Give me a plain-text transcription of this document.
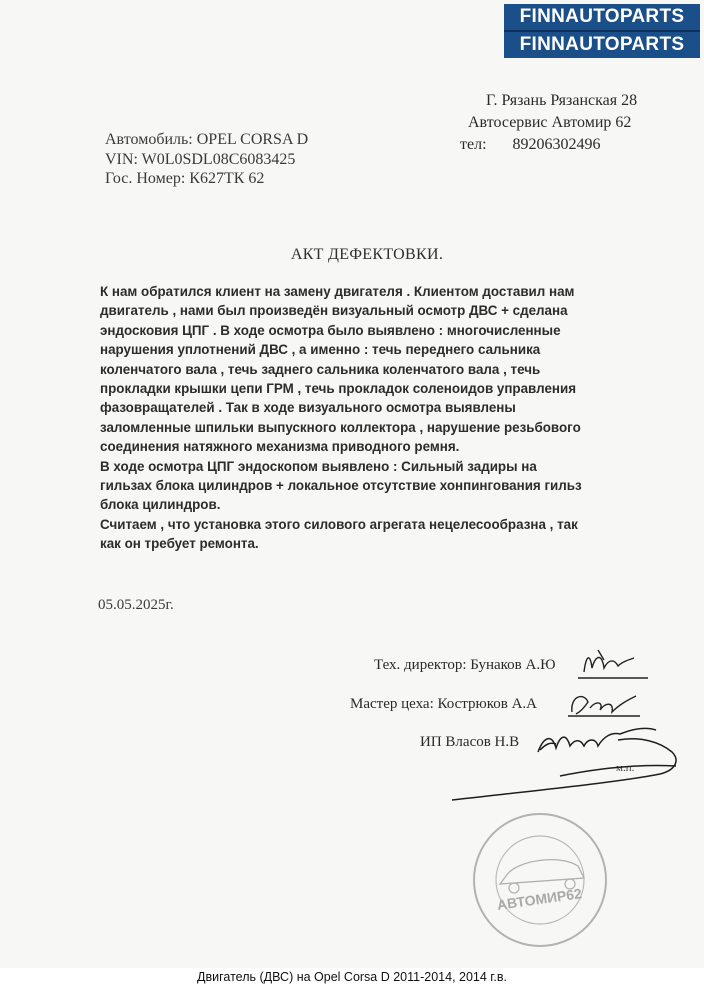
FINNAUTOPARTS
FINNAUTOPARTS
Г. Рязань Рязанская 28
Автосервис Автомир 62
тел: 89206302496
Автомобиль: OPEL CORSA D
VIN: W0L0SDL08C6083425
Гос. Номер: К627ТК 62
АКТ ДЕФЕКТОВКИ.
К нам обратился клиент на замену двигателя . Клиентом доставил нам
двигатель , нами был произведён визуальный осмотр ДВС + сделана
эндосковия ЦПГ . В ходе осмотра было выявлено : многочисленные
нарушения уплотнений ДВС , а именно : течь переднего сальника
коленчатого вала , течь заднего сальника коленчатого вала , течь
прокладки крышки цепи ГРМ , течь прокладок соленоидов управления
фазовращателей . Так в ходе визуального осмотра выявлены
заломленные шпильки выпускного коллектора , нарушение резьбового
соединения натяжного механизма приводного ремня.
В ходе осмотра ЦПГ эндоскопом выявлено : Сильный задиры на
гильзах блока цилиндров + локальное отсутствие хонпингования гильз
блока цилиндров.
Считаем , что установка этого силового агрегата нецелесообразна , так
как он требует ремонта.
05.05.2025г.
Тех. директор: Бунаков А.Ю
Мастер цеха: Кострюков А.А
ИП Власов Н.В
м.п.
АВТОМИР62
Двигатель (ДВС) на Opel Corsa D 2011-2014, 2014 г.в.
